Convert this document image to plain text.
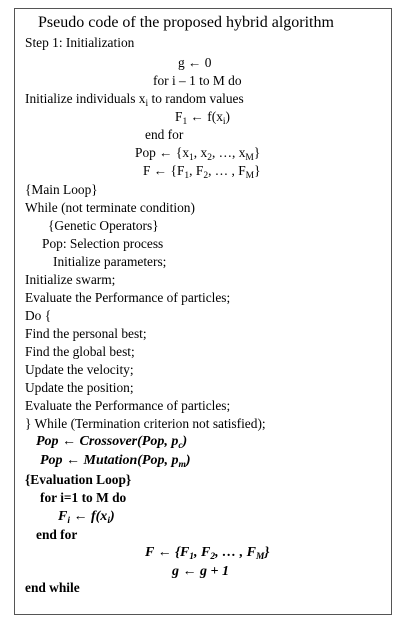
Pseudo code of the proposed hybrid algorithm
Step 1: Initialization
g ← 0
for i – 1 to M do
Initialize individuals $x_i$ to random values
$F_1$ ← $f(x_i)$
end for
Pop ← {$x_1$, $x_2$, …, $x_M$}
F ← {$F_1$, $F_2$, … , $F_M$}
{Main Loop}
While (not terminate condition)
{Genetic Operators}
Pop: Selection process
Initialize parameters;
Initialize swarm;
Evaluate the Performance of particles;
Do {
Find the personal best;
Find the global best;
Update the velocity;
Update the position;
Evaluate the Performance of particles;
} While (Termination criterion not satisfied);
Pop ← Crossover(Pop, $p_c$)
Pop ← Mutation(Pop, $p_m$)
{Evaluation Loop}
for i=1 to M do
$F_i$ ← $f(x_i)$
end for
F ← {$F_1$, $F_2$, … , $F_M$}
g ← g + 1
end while
